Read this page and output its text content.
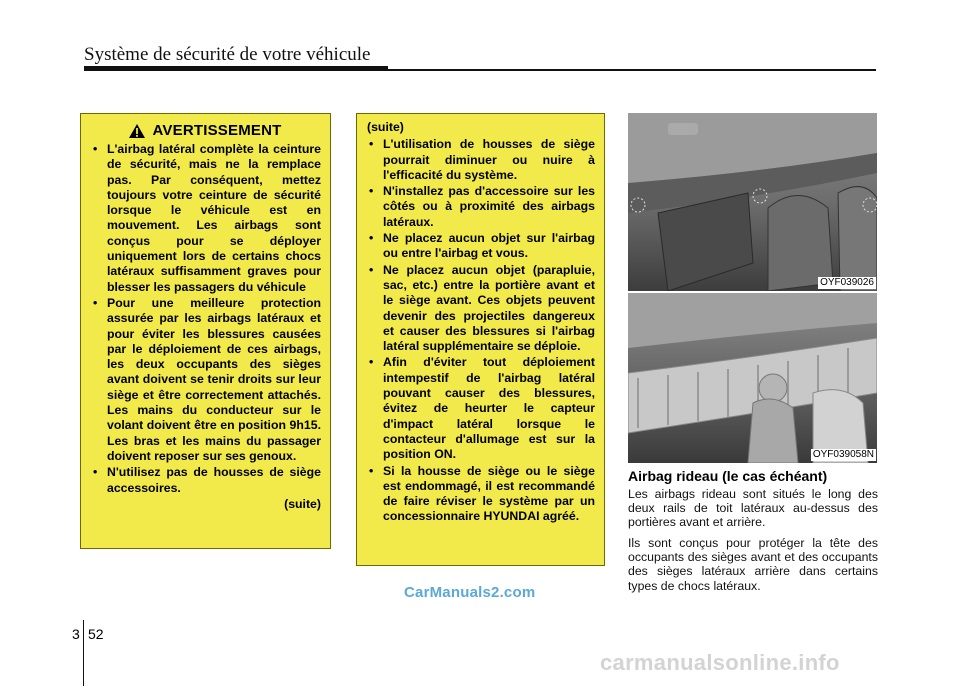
Système de sécurité de votre véhicule
AVERTISSEMENT
• L'airbag latéral complète la ceinture de sécurité, mais ne la remplace pas. Par conséquent, mettez toujours votre ceinture de sécurité lorsque le véhicule est en mouvement. Les airbags sont conçus pour se déployer uniquement lors de certains chocs latéraux suffisamment graves pour blesser les passagers du véhicule
• Pour une meilleure protection assurée par les airbags latéraux et pour éviter les blessures causées par le déploiement de ces airbags, les deux occupants des sièges avant doivent se tenir droits sur leur siège et être correctement attachés. Les mains du conducteur sur le volant doivent être en position 9h15. Les bras et les mains du passager doivent reposer sur ses genoux.
• N'utilisez pas de housses de siège accessoires.
(suite)
(suite)
• L'utilisation de housses de siège pourrait diminuer ou nuire à l'efficacité du système.
• N'installez pas d'accessoire sur les côtés ou à proximité des airbags latéraux.
• Ne placez aucun objet sur l'airbag ou entre l'airbag et vous.
• Ne placez aucun objet (parapluie, sac, etc.) entre la portière avant et le siège avant. Ces objets peuvent devenir des projectiles dangereux et causer des blessures si l'airbag latéral supplémentaire se déploie.
• Afin d'éviter tout déploiement intempestif de l'airbag latéral pouvant causer des blessures, évitez de heurter le capteur d'impact latéral lorsque le contacteur d'allumage est sur la position ON.
• Si la housse de siège ou le siège est endommagé, il est recommandé de faire réviser le système par un concessionnaire HYUNDAI agréé.
OYF039026
OYF039058N
Airbag rideau (le cas échéant)
Les airbags rideau sont situés le long des deux rails de toit latéraux au-dessus des portières avant et arrière.
Ils sont conçus pour protéger la tête des occupants des sièges avant et des occupants des sièges latéraux arrière dans certains types de chocs latéraux.
CarManuals2.com
3 52
carmanualsonline.info
